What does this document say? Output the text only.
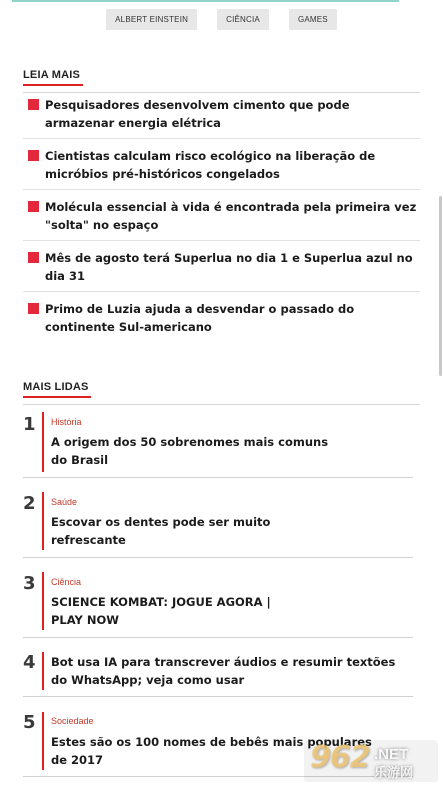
ALBERT EINSTEIN	CIÊNCIA	GAMES
LEIA MAIS
Pesquisadores desenvolvem cimento que pode armazenar energia elétrica
Cientistas calculam risco ecológico na liberação de micróbios pré-históricos congelados
Molécula essencial à vida é encontrada pela primeira vez "solta" no espaço
Mês de agosto terá Superlua no dia 1 e Superlua azul no dia 31
Primo de Luzia ajuda a desvendar o passado do continente Sul-americano
MAIS LIDAS
1 História
A origem dos 50 sobrenomes mais comuns do Brasil
2 Saúde
Escovar os dentes pode ser muito refrescante
3 Ciência
SCIENCE KOMBAT: JOGUE AGORA | PLAY NOW
4 Bot usa IA para transcrever áudios e resumir textões do WhatsApp; veja como usar
5 Sociedade
Estes são os 100 nomes de bebês mais populares de 2017	962 .NET
乐游网
